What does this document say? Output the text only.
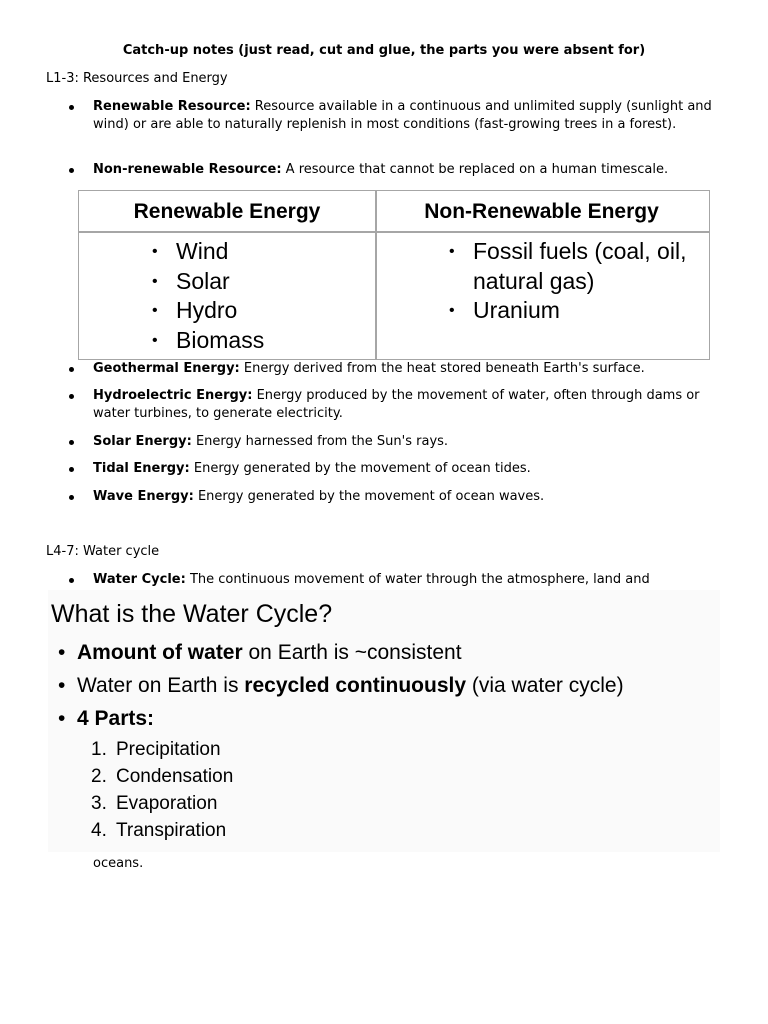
Catch-up notes (just read, cut and glue, the parts you were absent for)
L1-3: Resources and Energy
Renewable Resource: Resource available in a continuous and unlimited supply (sunlight and wind) or are able to naturally replenish in most conditions (fast-growing trees in a forest).
Non-renewable Resource: A resource that cannot be replaced on a human timescale.
Renewable Energy	Non-Renewable Energy
• Wind
• Solar
• Hydro
• Biomass
• Fossil fuels (coal, oil, natural gas)
• Uranium
Geothermal Energy: Energy derived from the heat stored beneath Earth's surface.
Hydroelectric Energy: Energy produced by the movement of water, often through dams or water turbines, to generate electricity.
Solar Energy: Energy harnessed from the Sun's rays.
Tidal Energy: Energy generated by the movement of ocean tides.
Wave Energy: Energy generated by the movement of ocean waves.
L4-7: Water cycle
Water Cycle: The continuous movement of water through the atmosphere, land and
What is the Water Cycle?
• Amount of water on Earth is ~consistent
• Water on Earth is recycled continuously (via water cycle)
• 4 Parts:
1. Precipitation
2. Condensation
3. Evaporation
4. Transpiration
oceans.
